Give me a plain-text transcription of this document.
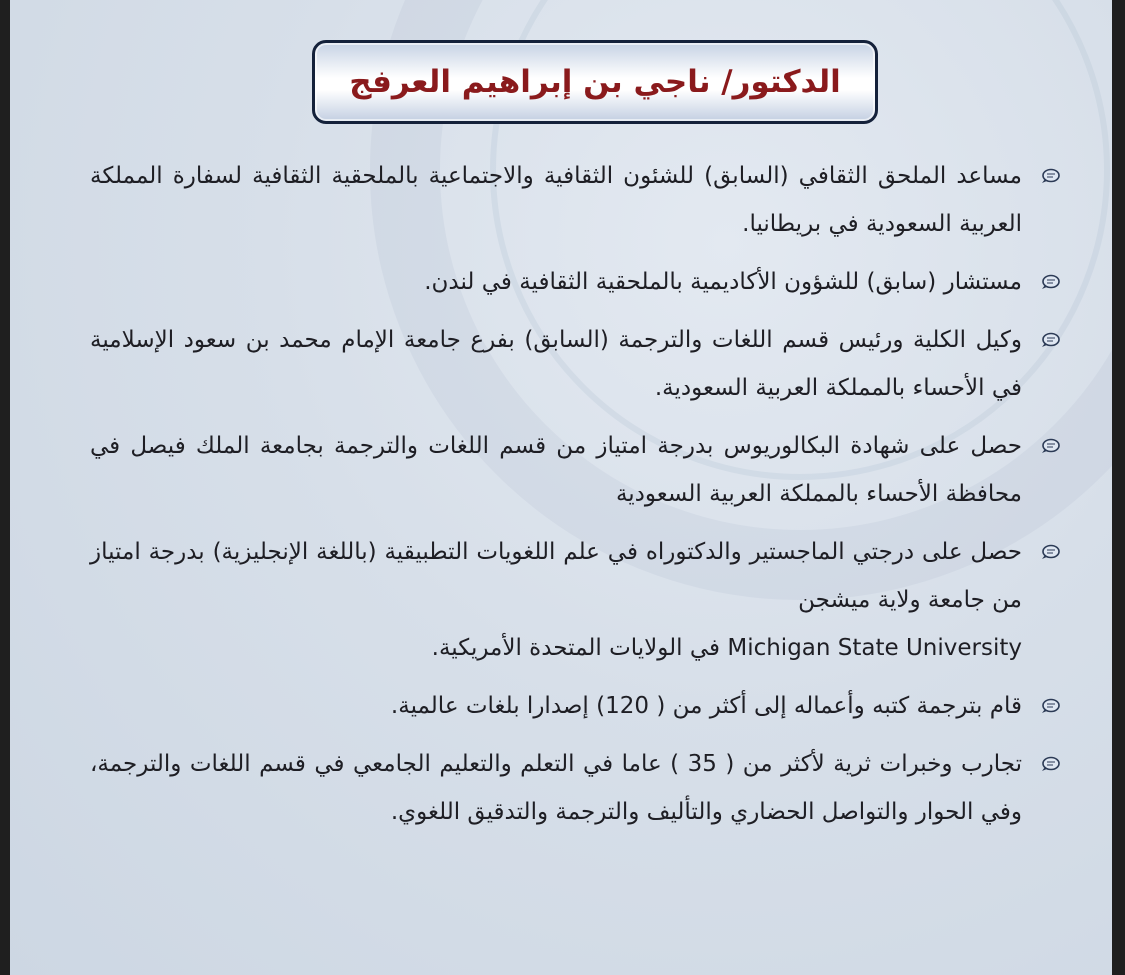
الدكتور/ ناجي بن إبراهيم العرفج
مساعد الملحق الثقافي (السابق) للشئون الثقافية والاجتماعية بالملحقية الثقافية لسفارة المملكة العربية السعودية في بريطانيا.
مستشار (سابق) للشؤون الأكاديمية بالملحقية الثقافية في لندن.
وكيل الكلية ورئيس قسم اللغات والترجمة (السابق) بفرع جامعة الإمام محمد بن سعود الإسلامية في الأحساء بالمملكة العربية السعودية.
حصل على شهادة البكالوريوس بدرجة امتياز من قسم اللغات والترجمة بجامعة الملك فيصل في محافظة الأحساء بالمملكة العربية السعودية
حصل على درجتي الماجستير والدكتوراه في علم اللغويات التطبيقية (باللغة الإنجليزية) بدرجة امتياز من جامعة ولاية ميشجن
Michigan State University في الولايات المتحدة الأمريكية.
قام بترجمة كتبه وأعماله إلى أكثر من ( 120) إصدارا بلغات عالمية.
تجارب وخبرات ثرية لأكثر من ( 35 ) عاما في التعلم والتعليم الجامعي في قسم اللغات والترجمة، وفي الحوار والتواصل الحضاري والتأليف والترجمة والتدقيق اللغوي.
